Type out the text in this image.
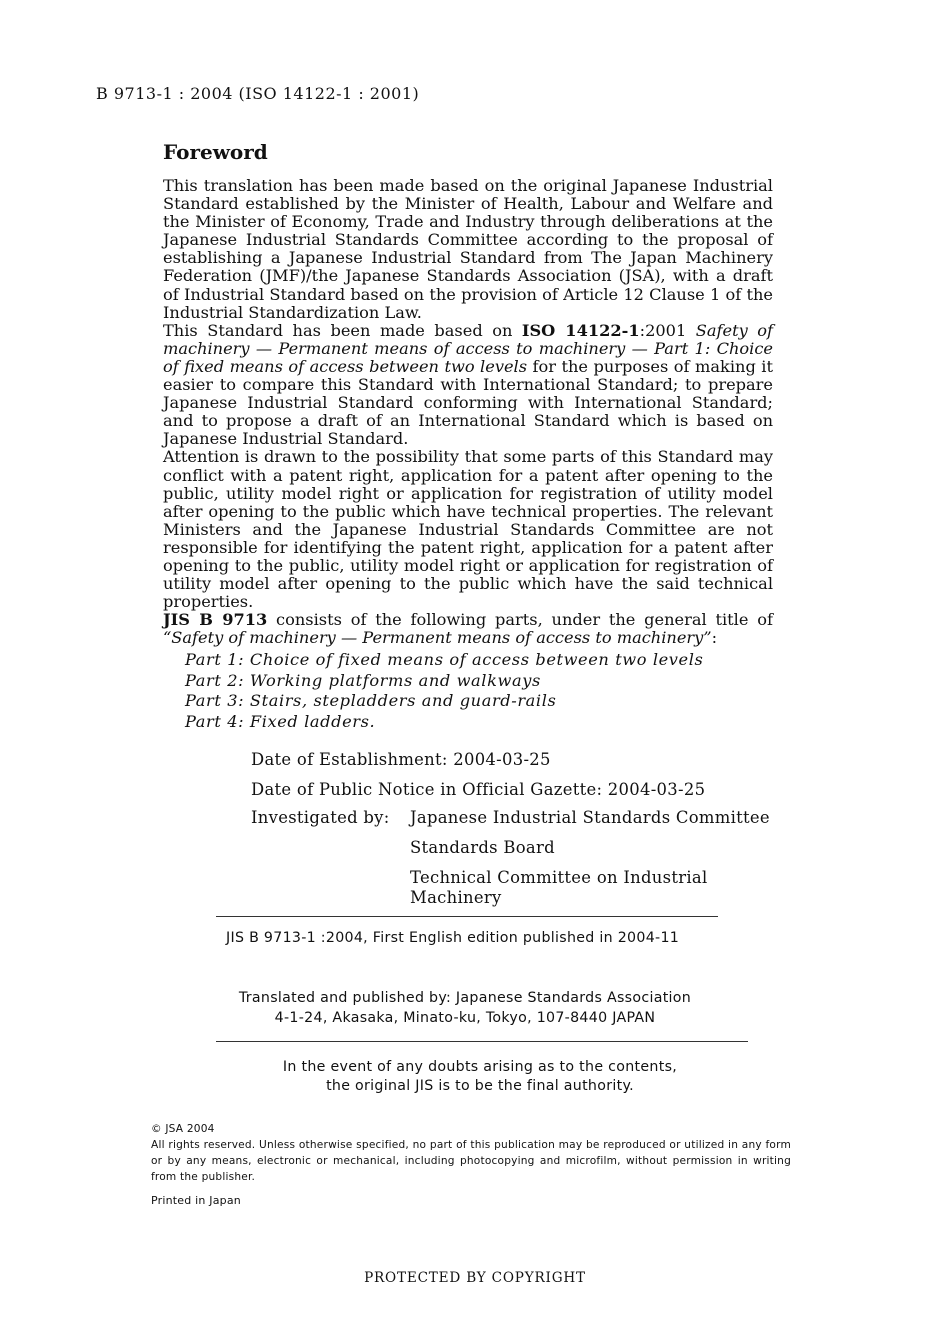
B 9713-1 : 2004 (ISO 14122-1 : 2001)
Foreword

This translation has been made based on the original Japanese Industrial Standard established by the Minister of Health, Labour and Welfare and the Minister of Economy, Trade and Industry through deliberations at the Japanese Industrial Standards Committee according to the proposal of establishing a Japanese Industrial Standard from The Japan Machinery Federation (JMF)/the Japanese Standards Association (JSA), with a draft of Industrial Standard based on the provision of Article 12 Clause 1 of the Industrial Standardization Law.

This Standard has been made based on ISO 14122-1:2001 Safety of machinery — Permanent means of access to machinery — Part 1: Choice of fixed means of access between two levels for the purposes of making it easier to compare this Standard with International Standard; to prepare Japanese Industrial Standard conforming with International Standard; and to propose a draft of an International Standard which is based on Japanese Industrial Standard.

Attention is drawn to the possibility that some parts of this Standard may conflict with a patent right, application for a patent after opening to the public, utility model right or application for registration of utility model after opening to the public which have technical properties. The relevant Ministers and the Japanese Industrial Standards Committee are not responsible for identifying the patent right, application for a patent after opening to the public, utility model right or application for registration of utility model after opening to the public which have the said technical properties.

JIS B 9713 consists of the following parts, under the general title of “Safety of machinery — Permanent means of access to machinery”:

Part 1: Choice of fixed means of access between two levels
Part 2: Working platforms and walkways
Part 3: Stairs, stepladders and guard-rails
Part 4: Fixed ladders.
Date of Establishment: 2004-03-25
Date of Public Notice in Official Gazette: 2004-03-25
Investigated by: Japanese Industrial Standards Committee
Standards Board
Technical Committee on Industrial Machinery
JIS B 9713-1 :2004, First English edition published in 2004-11
Translated and published by: Japanese Standards Association
4-1-24, Akasaka, Minato-ku, Tokyo, 107-8440 JAPAN
In the event of any doubts arising as to the contents,
the original JIS is to be the final authority.
© JSA 2004
All rights reserved. Unless otherwise specified, no part of this publication may be reproduced or utilized in any form or by any means, electronic or mechanical, including photocopying and microfilm, without permission in writing from the publisher.
Printed in Japan
PROTECTED BY COPYRIGHT
